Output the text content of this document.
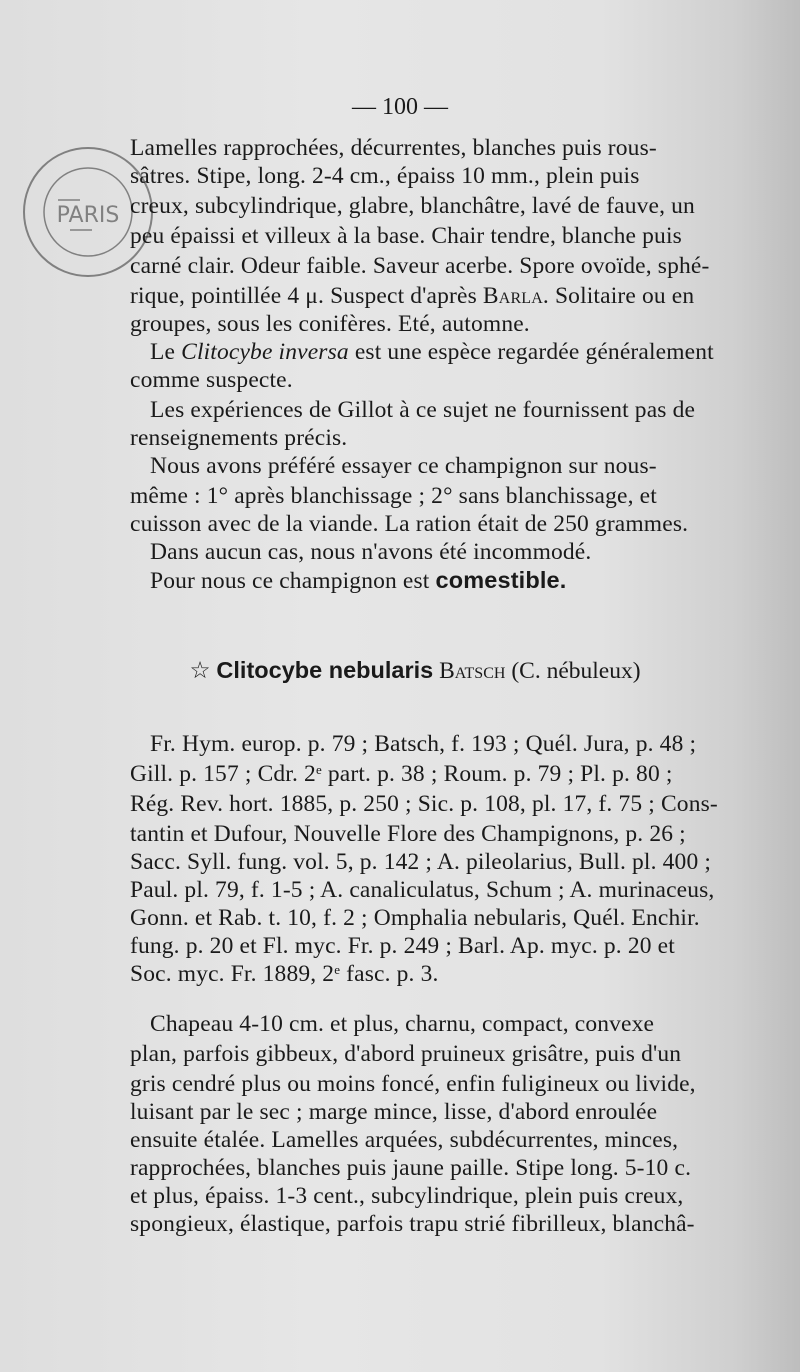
PARIS
— 100 —
Lamelles rapprochées, décurrentes, blanches puis rous-
sâtres. Stipe, long. 2-4 cm., épaiss 10 mm., plein puis
creux, subcylindrique, glabre, blanchâtre, lavé de fauve, un
peu épaissi et villeux à la base. Chair tendre, blanche puis
carné clair. Odeur faible. Saveur acerbe. Spore ovoïde, sphé-
rique, pointillée 4 μ. Suspect d'après Barla. Solitaire ou en
groupes, sous les conifères. Eté, automne.
Le Clitocybe inversa est une espèce regardée généralement
comme suspecte.
Les expériences de Gillot à ce sujet ne fournissent pas de
renseignements précis.
Nous avons préféré essayer ce champignon sur nous-
même : 1° après blanchissage ; 2° sans blanchissage, et
cuisson avec de la viande. La ration était de 250 grammes.
Dans aucun cas, nous n'avons été incommodé.
Pour nous ce champignon est comestible.
☆ Clitocybe nebularis Batsch (C. nébuleux)
Fr. Hym. europ. p. 79 ; Batsch, f. 193 ; Quél. Jura, p. 48 ;
Gill. p. 157 ; Cdr. 2e part. p. 38 ; Roum. p. 79 ; Pl. p. 80 ;
Rég. Rev. hort. 1885, p. 250 ; Sic. p. 108, pl. 17, f. 75 ; Cons-
tantin et Dufour, Nouvelle Flore des Champignons, p. 26 ;
Sacc. Syll. fung. vol. 5, p. 142 ; A. pileolarius, Bull. pl. 400 ;
Paul. pl. 79, f. 1-5 ; A. canaliculatus, Schum ; A. murinaceus,
Gonn. et Rab. t. 10, f. 2 ; Omphalia nebularis, Quél. Enchir.
fung. p. 20 et Fl. myc. Fr. p. 249 ; Barl. Ap. myc. p. 20 et
Soc. myc. Fr. 1889, 2e fasc. p. 3.
Chapeau 4-10 cm. et plus, charnu, compact, convexe
plan, parfois gibbeux, d'abord pruineux grisâtre, puis d'un
gris cendré plus ou moins foncé, enfin fuligineux ou livide,
luisant par le sec ; marge mince, lisse, d'abord enroulée
ensuite étalée. Lamelles arquées, subdécurrentes, minces,
rapprochées, blanches puis jaune paille. Stipe long. 5-10 c.
et plus, épaiss. 1-3 cent., subcylindrique, plein puis creux,
spongieux, élastique, parfois trapu strié fibrilleux, blanchâ-
